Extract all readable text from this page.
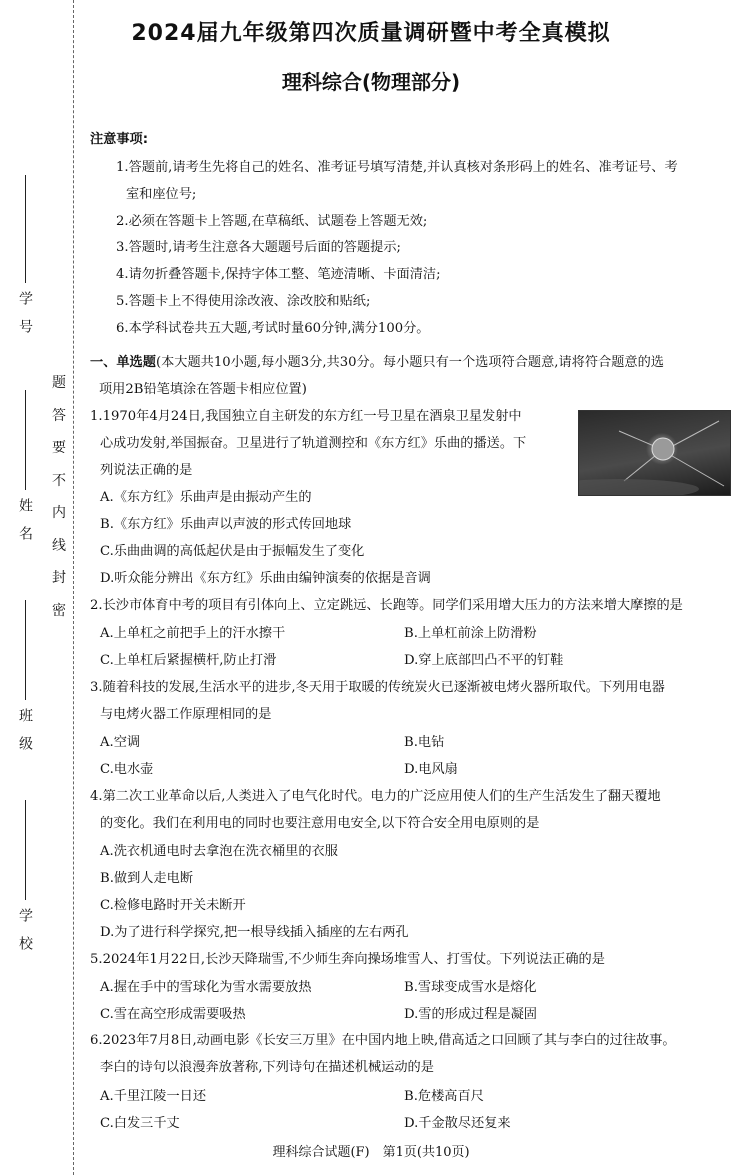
学　号
姓　名
班　级
学　校
题
答
要
不
内
线
封
密
2024届九年级第四次质量调研暨中考全真模拟
理科综合(物理部分)
注意事项:
1.答题前,请考生先将自己的姓名、准考证号填写清楚,并认真核对条形码上的姓名、准考证号、考
室和座位号;
2.必须在答题卡上答题,在草稿纸、试题卷上答题无效;
3.答题时,请考生注意各大题题号后面的答题提示;
4.请勿折叠答题卡,保持字体工整、笔迹清晰、卡面清洁;
5.答题卡上不得使用涂改液、涂改胶和贴纸;
6.本学科试卷共五大题,考试时量60分钟,满分100分。
一、单选题(本大题共10小题,每小题3分,共30分。每小题只有一个选项符合题意,请将符合题意的选
项用2B铅笔填涂在答题卡相应位置)
1.1970年4月24日,我国独立自主研发的东方红一号卫星在酒泉卫星发射中
心成功发射,举国振奋。卫星进行了轨道测控和《东方红》乐曲的播送。下
列说法正确的是
A.《东方红》乐曲声是由振动产生的
B.《东方红》乐曲声以声波的形式传回地球
C.乐曲曲调的高低起伏是由于振幅发生了变化
D.听众能分辨出《东方红》乐曲由编钟演奏的依据是音调
2.长沙市体育中考的项目有引体向上、立定跳远、长跑等。同学们采用增大压力的方法来增大摩擦的是
A.上单杠之前把手上的汗水擦干	B.上单杠前涂上防滑粉
C.上单杠后紧握横杆,防止打滑	D.穿上底部凹凸不平的钉鞋
3.随着科技的发展,生活水平的进步,冬天用于取暖的传统炭火已逐渐被电烤火器所取代。下列用电器
与电烤火器工作原理相同的是
A.空调	B.电钻
C.电水壶	D.电风扇
4.第二次工业革命以后,人类进入了电气化时代。电力的广泛应用使人们的生产生活发生了翻天覆地
的变化。我们在利用电的同时也要注意用电安全,以下符合安全用电原则的是
A.洗衣机通电时去拿泡在洗衣桶里的衣服
B.做到人走电断
C.检修电路时开关未断开
D.为了进行科学探究,把一根导线插入插座的左右两孔
5.2024年1月22日,长沙天降瑞雪,不少师生奔向操场堆雪人、打雪仗。下列说法正确的是
A.握在手中的雪球化为雪水需要放热	B.雪球变成雪水是熔化
C.雪在高空形成需要吸热	D.雪的形成过程是凝固
6.2023年7月8日,动画电影《长安三万里》在中国内地上映,借高适之口回顾了其与李白的过往故事。
李白的诗句以浪漫奔放著称,下列诗句在描述机械运动的是
A.千里江陵一日还	B.危楼高百尺
C.白发三千丈	D.千金散尽还复来
理科综合试题(F)　第1页(共10页)
